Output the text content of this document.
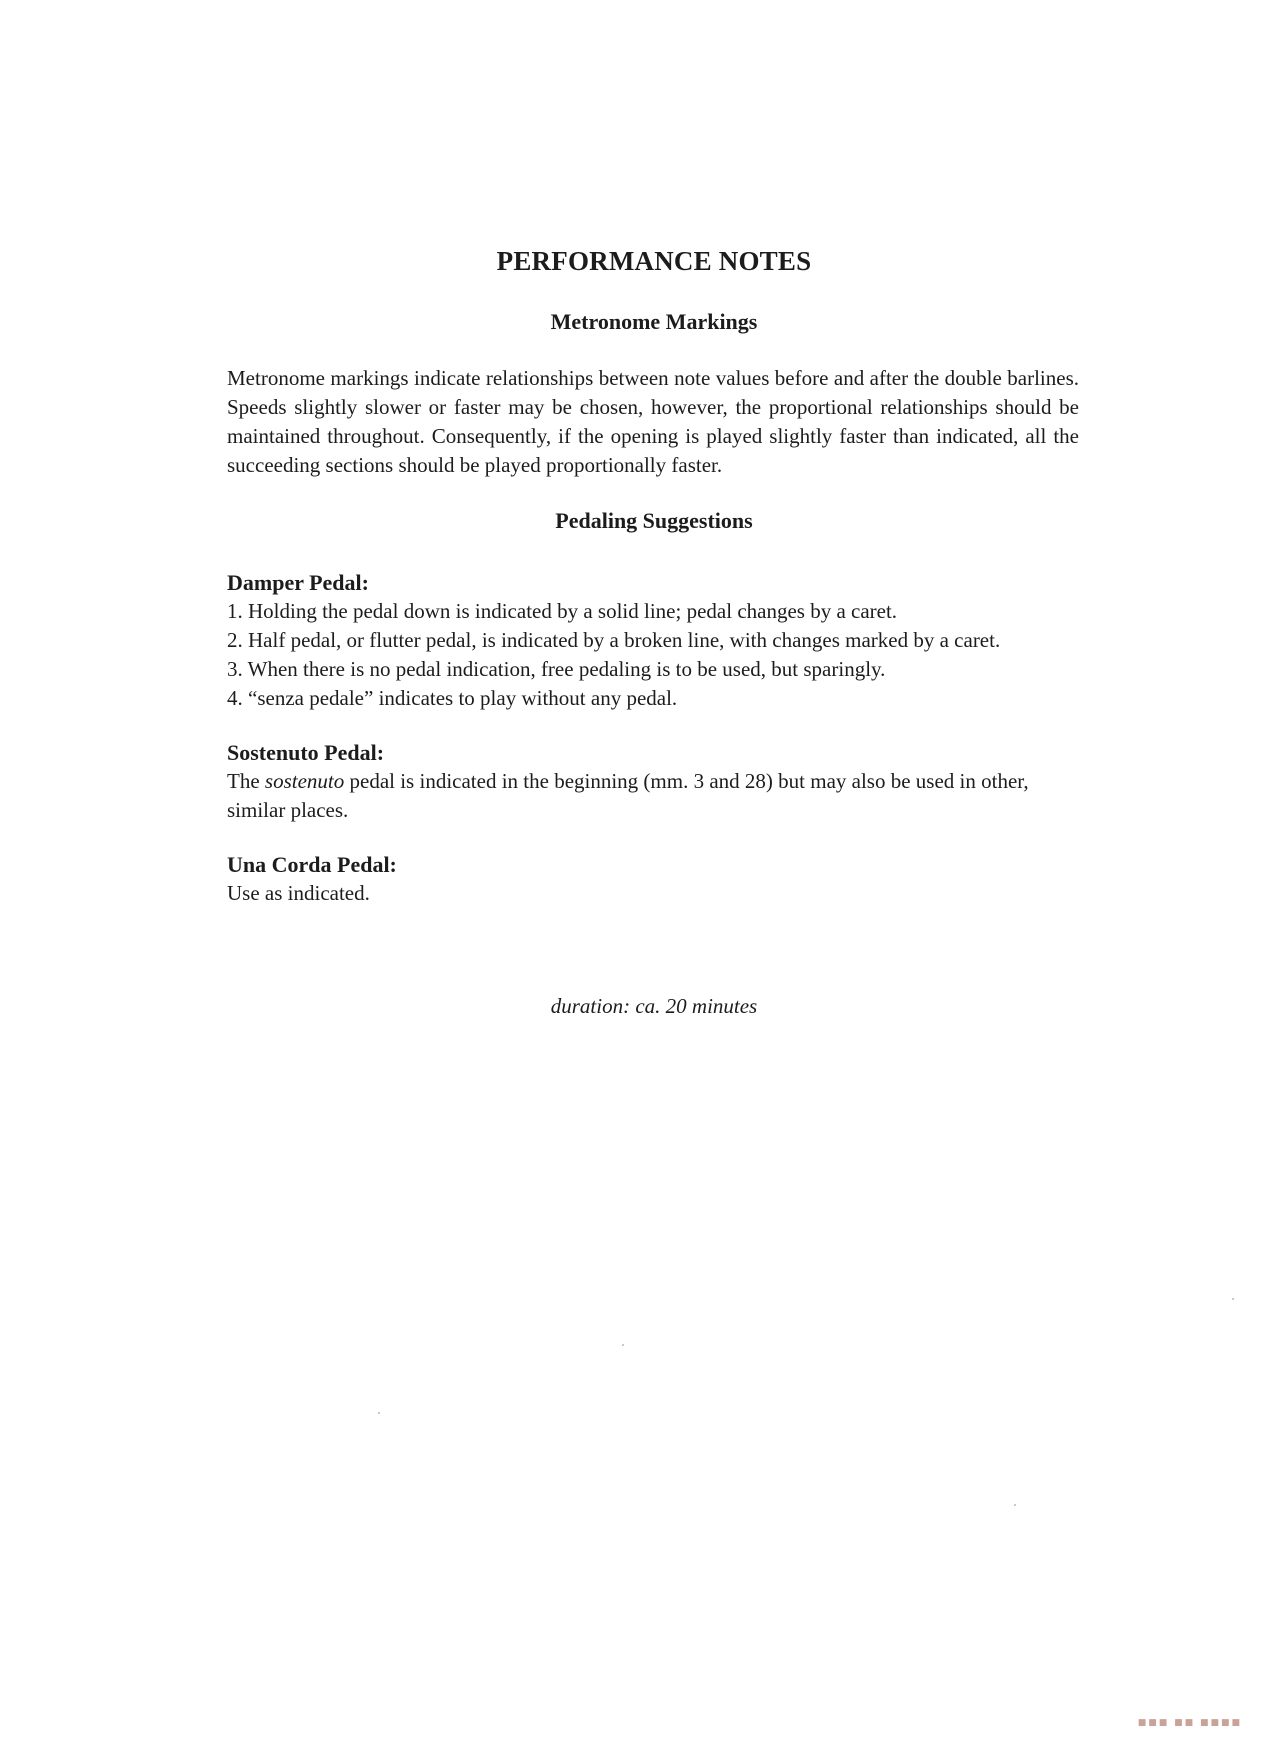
PERFORMANCE NOTES
Metronome Markings
Metronome markings indicate relationships between note values before and after the double barlines. Speeds slightly slower or faster may be chosen, however, the proportional relationships should be maintained throughout. Consequently, if the opening is played slightly faster than indicated, all the succeeding sections should be played proportionally faster.
Pedaling Suggestions
Damper Pedal:
1. Holding the pedal down is indicated by a solid line; pedal changes by a caret.
2. Half pedal, or flutter pedal, is indicated by a broken line, with changes marked by a caret.
3. When there is no pedal indication, free pedaling is to be used, but sparingly.
4. “senza pedale” indicates to play without any pedal.
Sostenuto Pedal:
The sostenuto pedal is indicated in the beginning (mm. 3 and 28) but may also be used in other, similar places.
Una Corda Pedal:
Use as indicated.
duration: ca. 20 minutes
■■■ ■■ ■■■■
